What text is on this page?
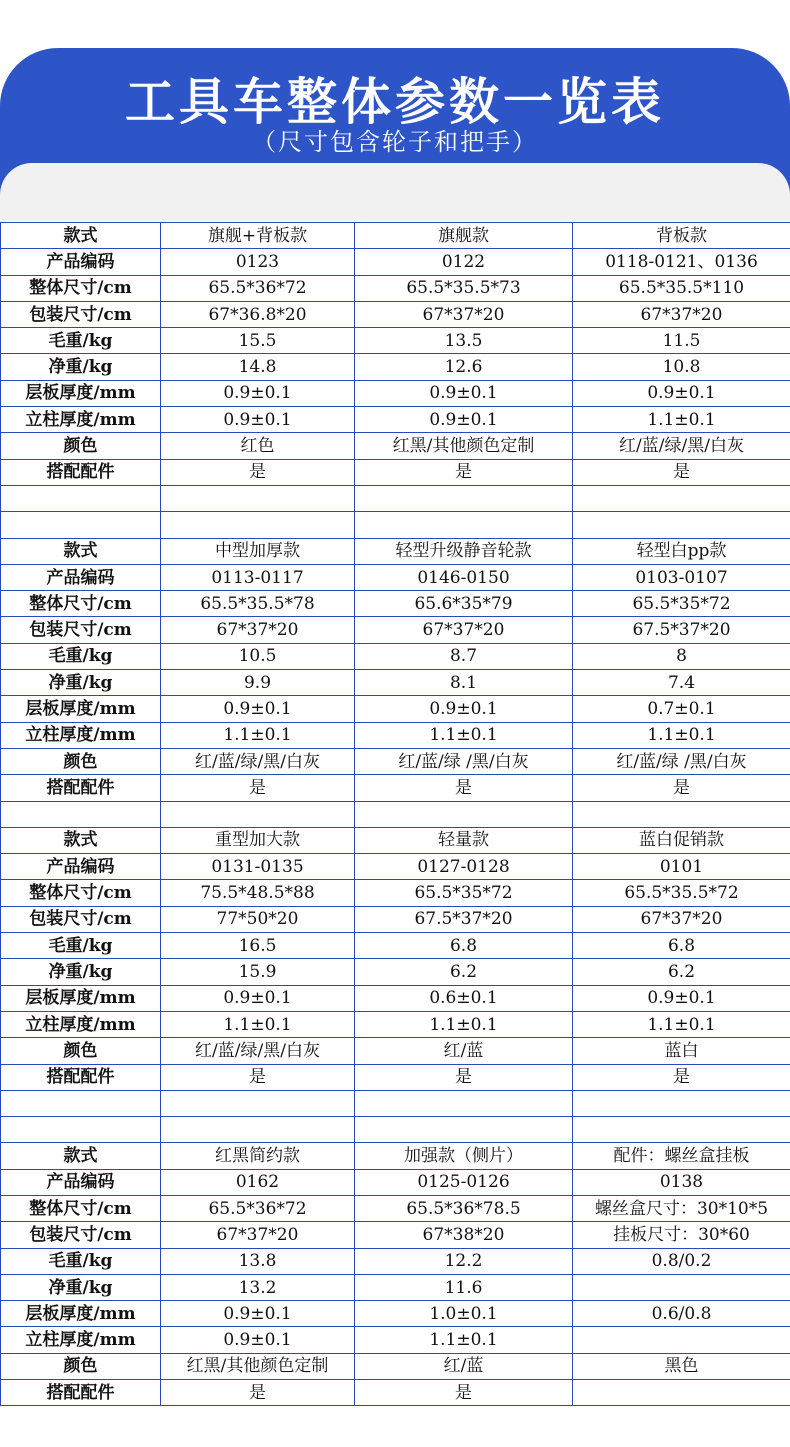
工具车整体参数一览表
（尺寸包含轮子和把手）
款式	旗舰+背板款	旗舰款	背板款
产品编码	0123	0122	0118-0121、0136
整体尺寸/cm	65.5*36*72	65.5*35.5*73	65.5*35.5*110
包装尺寸/cm	67*36.8*20	67*37*20	67*37*20
毛重/kg	15.5	13.5	11.5
净重/kg	14.8	12.6	10.8
层板厚度/mm	0.9±0.1	0.9±0.1	0.9±0.1
立柱厚度/mm	0.9±0.1	0.9±0.1	1.1±0.1
颜色	红色	红黑/其他颜色定制	红/蓝/绿/黑/白灰
搭配配件	是	是	是

款式	中型加厚款	轻型升级静音轮款	轻型白pp款
产品编码	0113-0117	0146-0150	0103-0107
整体尺寸/cm	65.5*35.5*78	65.6*35*79	65.5*35*72
包装尺寸/cm	67*37*20	67*37*20	67.5*37*20
毛重/kg	10.5	8.7	8
净重/kg	9.9	8.1	7.4
层板厚度/mm	0.9±0.1	0.9±0.1	0.7±0.1
立柱厚度/mm	1.1±0.1	1.1±0.1	1.1±0.1
颜色	红/蓝/绿/黑/白灰	红/蓝/绿 /黑/白灰	红/蓝/绿 /黑/白灰
搭配配件	是	是	是

款式	重型加大款	轻量款	蓝白促销款
产品编码	0131-0135	0127-0128	0101
整体尺寸/cm	75.5*48.5*88	65.5*35*72	65.5*35.5*72
包装尺寸/cm	77*50*20	67.5*37*20	67*37*20
毛重/kg	16.5	6.8	6.8
净重/kg	15.9	6.2	6.2
层板厚度/mm	0.9±0.1	0.6±0.1	0.9±0.1
立柱厚度/mm	1.1±0.1	1.1±0.1	1.1±0.1
颜色	红/蓝/绿/黑/白灰	红/蓝	蓝白
搭配配件	是	是	是

款式	红黑简约款	加强款（侧片）	配件：螺丝盒挂板
产品编码	0162	0125-0126	0138
整体尺寸/cm	65.5*36*72	65.5*36*78.5	螺丝盒尺寸：30*10*5
包装尺寸/cm	67*37*20	67*38*20	挂板尺寸：30*60
毛重/kg	13.8	12.2	0.8/0.2
净重/kg	13.2	11.6	
层板厚度/mm	0.9±0.1	1.0±0.1	0.6/0.8
立柱厚度/mm	0.9±0.1	1.1±0.1	
颜色	红黑/其他颜色定制	红/蓝	黑色
搭配配件	是	是	
